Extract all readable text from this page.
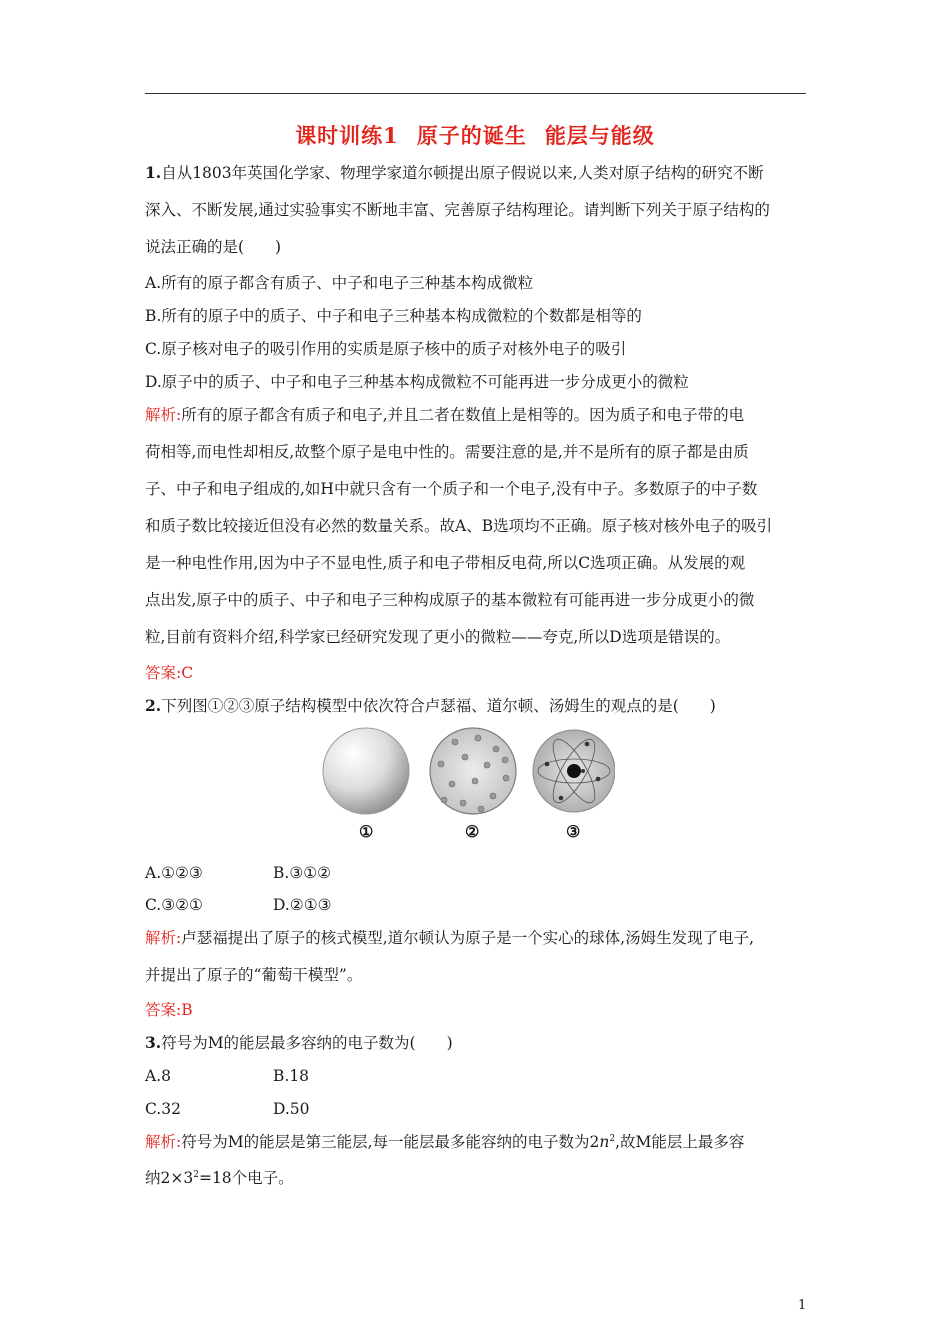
课时训练1 原子的诞生 能层与能级
1.自从1803年英国化学家、物理学家道尔顿提出原子假说以来,人类对原子结构的研究不断
深入、不断发展,通过实验事实不断地丰富、完善原子结构理论。请判断下列关于原子结构的
说法正确的是(　　)
A.所有的原子都含有质子、中子和电子三种基本构成微粒
B.所有的原子中的质子、中子和电子三种基本构成微粒的个数都是相等的
C.原子核对电子的吸引作用的实质是原子核中的质子对核外电子的吸引
D.原子中的质子、中子和电子三种基本构成微粒不可能再进一步分成更小的微粒
解析:所有的原子都含有质子和电子,并且二者在数值上是相等的。因为质子和电子带的电
荷相等,而电性却相反,故整个原子是电中性的。需要注意的是,并不是所有的原子都是由质
子、中子和电子组成的,如H中就只含有一个质子和一个电子,没有中子。多数原子的中子数
和质子数比较接近但没有必然的数量关系。故A、B选项均不正确。原子核对核外电子的吸引
是一种电性作用,因为中子不显电性,质子和电子带相反电荷,所以C选项正确。从发展的观
点出发,原子中的质子、中子和电子三种构成原子的基本微粒有可能再进一步分成更小的微
粒,目前有资料介绍,科学家已经研究发现了更小的微粒——夸克,所以D选项是错误的。
答案:C
2.下列图①②③原子结构模型中依次符合卢瑟福、道尔顿、汤姆生的观点的是(　　)
①	②	③
A.①②③	B.③①②
C.③②①	D.②①③
解析:卢瑟福提出了原子的核式模型,道尔顿认为原子是一个实心的球体,汤姆生发现了电子,
并提出了原子的“葡萄干模型”。
答案:B
3.符号为M的能层最多容纳的电子数为(　　)
A.8	B.18
C.32	D.50
解析:符号为M的能层是第三能层,每一能层最多能容纳的电子数为$2n^2$,故M能层上最多容
纳$2\times 3^2=18$个电子。
1
